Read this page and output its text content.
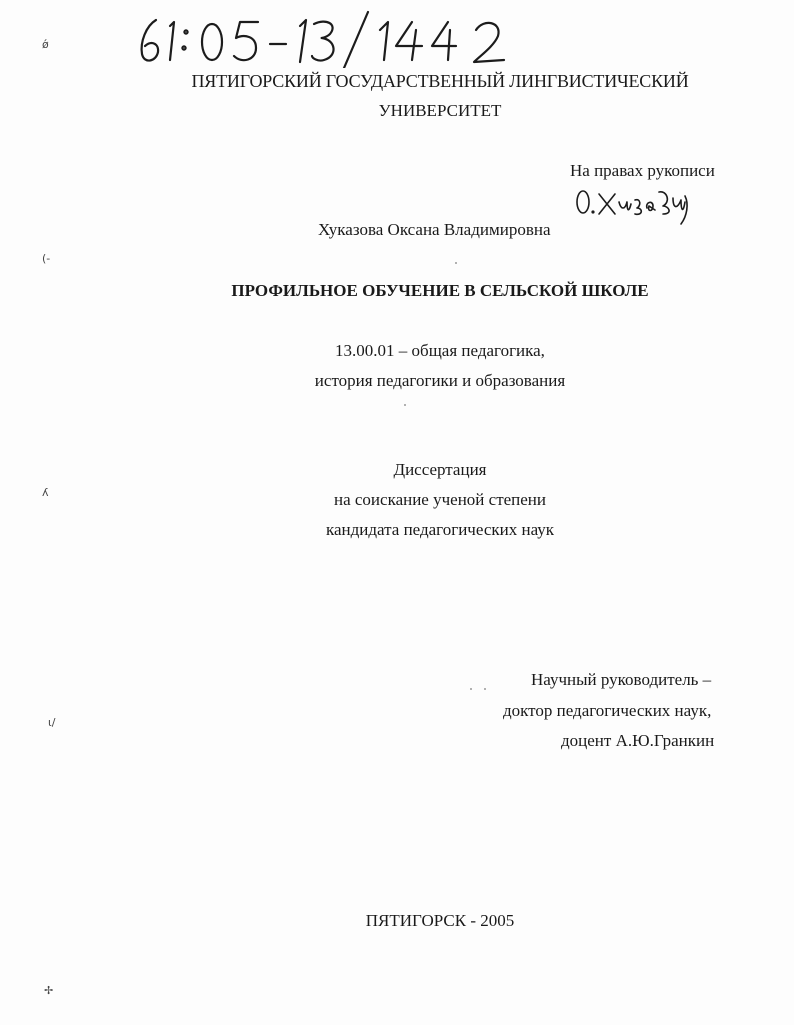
ǿ
(-
ʎ
ɩ/
✢
ПЯТИГОРСКИЙ ГОСУДАРСТВЕННЫЙ ЛИНГВИСТИЧЕСКИЙ
УНИВЕРСИТЕТ
На правах рукописи
Хуказова Оксана Владимировна
ПРОФИЛЬНОЕ ОБУЧЕНИЕ В СЕЛЬСКОЙ ШКОЛЕ
13.00.01 – общая педагогика,
история педагогики и образования
Диссертация
на соискание ученой степени
кандидата педагогических наук
Научный руководитель –
доктор педагогических наук,
доцент А.Ю.Гранкин
ПЯТИГОРСК - 2005
